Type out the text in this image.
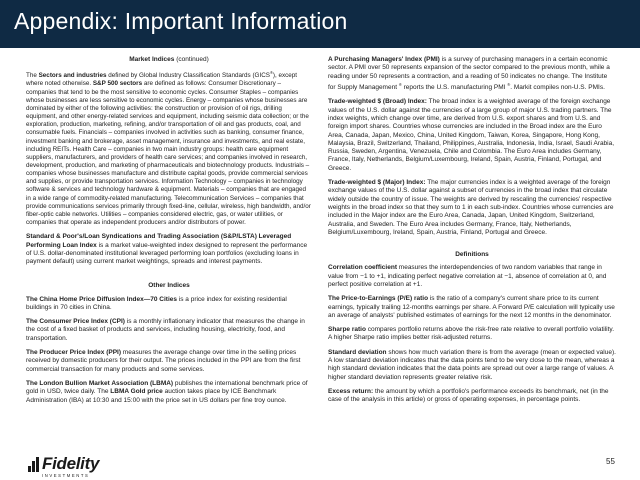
Appendix: Important Information
Market Indices (continued)

The Sectors and industries defined by Global Industry Classification Standards (GICS®), except where noted otherwise. S&P 500 sectors are defined as follows: Consumer Discretionary – companies that tend to be the most sensitive to economic cycles. Consumer Staples – companies whose businesses are less sensitive to economic cycles. Energy – companies whose businesses are dominated by either of the following activities: the construction or provision of oil rigs, drilling equipment, and other energy-related services and equipment, including seismic data collection; or the exploration, production, marketing, refining, and/or transportation of oil and gas products, coal, and consumable fuels. Financials – companies involved in activities such as banking, consumer finance, investment banking and brokerage, asset management, insurance and investments, and real estate, including REITs. Health Care – companies in two main industry groups: health care equipment suppliers, manufacturers, and providers of health care services; and companies involved in research, development, production, and marketing of pharmaceuticals and biotechnology products. Industrials – companies whose businesses manufacture and distribute capital goods, provide commercial services and supplies, or provide transportation services. Information Technology – companies in technology software & services and technology hardware & equipment. Materials – companies that are engaged in a wide range of commodity-related manufacturing. Telecommunication Services – companies that provide communications services primarily through fixed-line, cellular, wireless, high bandwidth, and/or fiber-optic cable networks. Utilities – companies considered electric, gas, or water utilities, or companies that operate as independent producers and/or distributors of power.

Standard & Poor's/Loan Syndications and Trading Association (S&P/LSTA) Leveraged Performing Loan Index is a market value-weighted index designed to represent the performance of U.S. dollar-denominated institutional leveraged performing loan portfolios (excluding loans in payment default) using current market weightings, spreads and interest payments.

Other Indices

The China Home Price Diffusion Index—70 Cities is a price index for existing residential buildings in 70 cities in China.

The Consumer Price Index (CPI) is a monthly inflationary indicator that measures the change in the cost of a fixed basket of products and services, including housing, electricity, food, and transportation.

The Producer Price Index (PPI) measures the average change over time in the selling prices received by domestic producers for their output. The prices included in the PPI are from the first commercial transaction for many products and some services.

The London Bullion Market Association (LBMA) publishes the international benchmark price of gold in USD, twice daily. The LBMA Gold price auction takes place by ICE Benchmark Administration (IBA) at 10:30 and 15:00 with the price set in US dollars per fine troy ounce.

A Purchasing Managers' Index (PMI) is a survey of purchasing managers in a certain economic sector. A PMI over 50 represents expansion of the sector compared to the previous month, while a reading under 50 represents a contraction, and a reading of 50 indicates no change. The Institute for Supply Management ® reports the U.S. manufacturing PMI ®. Markit compiles non-U.S. PMIs.

Trade-weighted $ (Broad) Index: The broad index is a weighted average of the foreign exchange values of the U.S. dollar against the currencies of a large group of major U.S. trading partners. The index weights, which change over time, are derived from U.S. export shares and from U.S. and foreign import shares. Countries whose currencies are included in the Broad index are the Euro Area, Canada, Japan, Mexico, China, United Kingdom, Taiwan, Korea, Singapore, Hong Kong, Malaysia, Brazil, Switzerland, Thailand, Philippines, Australia, Indonesia, India, Israel, Saudi Arabia, Russia, Sweden, Argentina, Venezuela, Chile and Colombia. The Euro Area includes Germany, France, Italy, Netherlands, Belgium/Luxembourg, Ireland, Spain, Austria, Finland, Portugal, and Greece.

Trade-weighted $ (Major) Index: The major currencies index is a weighted average of the foreign exchange values of the U.S. dollar against a subset of currencies in the broad index that circulate widely outside the country of issue. The weights are derived by rescaling the currencies' respective weights in the broad index so that they sum to 1 in each sub-index. Countries whose currencies are included in the Major index are the Euro Area, Canada, Japan, United Kingdom, Switzerland, Australia, and Sweden. The Euro Area includes Germany, France, Italy, Netherlands, Belgium/Luxembourg, Ireland, Spain, Austria, Finland, Portugal and Greece.

Definitions

Correlation coefficient measures the interdependencies of two random variables that range in value from −1 to +1, indicating perfect negative correlation at −1, absence of correlation at 0, and perfect positive correlation at +1.

The Price-to-Earnings (P/E) ratio is the ratio of a company's current share price to its current earnings, typically trailing 12-months earnings per share. A Forward P/E calculation will typically use an average of analysts' published estimates of earnings for the next 12 months in the denominator.

Sharpe ratio compares portfolio returns above the risk-free rate relative to overall portfolio volatility. A higher Sharpe ratio implies better risk-adjusted returns.

Standard deviation shows how much variation there is from the average (mean or expected value). A low standard deviation indicates that the data points tend to be very close to the mean, whereas a high standard deviation indicates that the data points are spread out over a large range of values. A higher standard deviation represents greater relative risk.

Excess return: the amount by which a portfolio's performance exceeds its benchmark, net (in the case of the analysis in this article) or gross of operating expenses, in percentage points.

Fidelity
INVESTMENTS
55
